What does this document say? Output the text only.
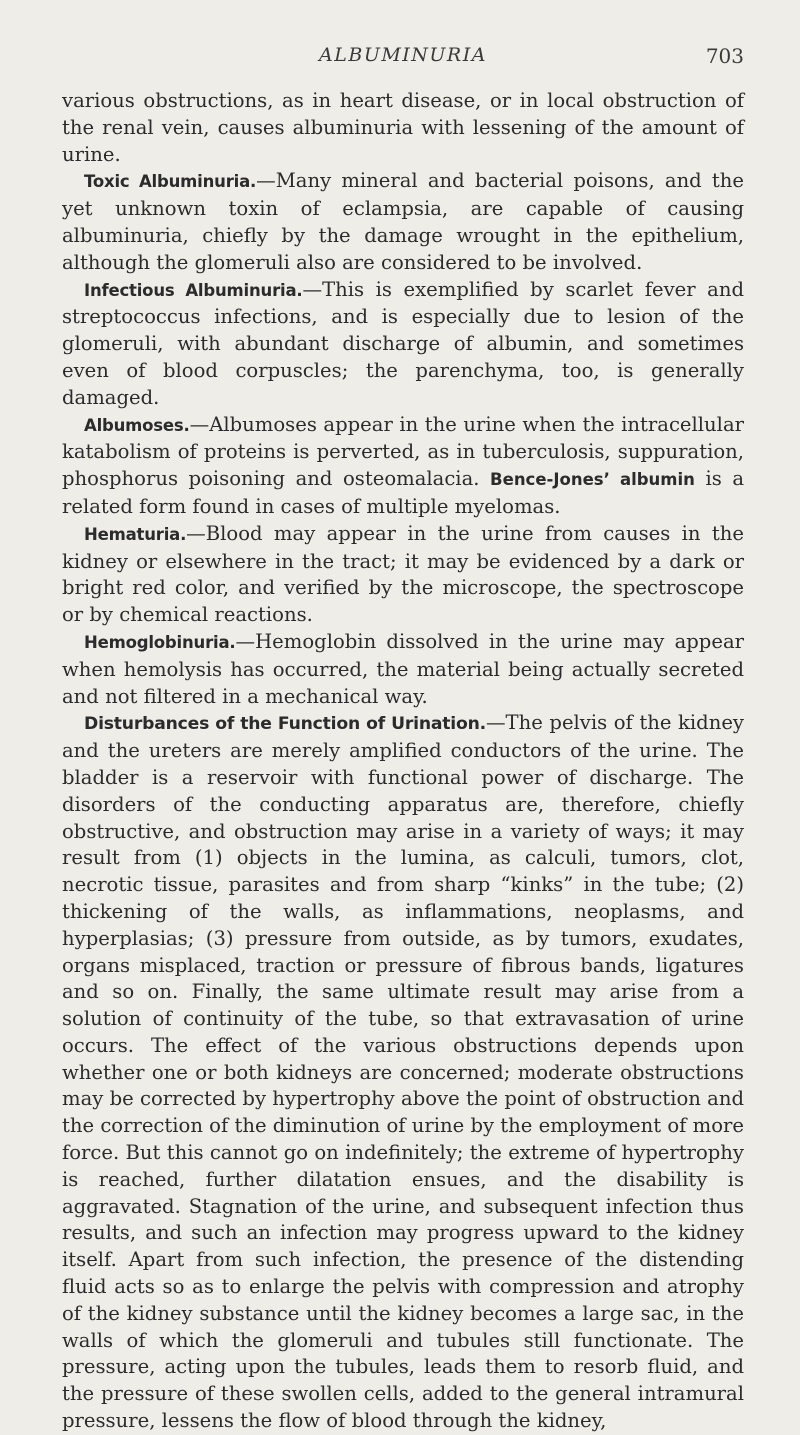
ALBUMINURIA	703

various obstructions, as in heart disease, or in local obstruction of the renal vein, causes albuminuria with lessening of the amount of urine.

Toxic Albuminuria.—Many mineral and bacterial poisons, and the yet unknown toxin of eclampsia, are capable of causing albuminuria, chiefly by the damage wrought in the epithelium, although the glomeruli also are considered to be involved.

Infectious Albuminuria.—This is exemplified by scarlet fever and streptococcus infections, and is especially due to lesion of the glomeruli, with abundant discharge of albumin, and sometimes even of blood corpuscles; the parenchyma, too, is generally damaged.

Albumoses.—Albumoses appear in the urine when the intracellular katabolism of proteins is perverted, as in tuberculosis, suppuration, phosphorus poisoning and osteomalacia. Bence-Jones’ albumin is a related form found in cases of multiple myelomas.

Hematuria.—Blood may appear in the urine from causes in the kidney or elsewhere in the tract; it may be evidenced by a dark or bright red color, and verified by the microscope, the spectroscope or by chemical reactions.

Hemoglobinuria.—Hemoglobin dissolved in the urine may appear when hemolysis has occurred, the material being actually secreted and not filtered in a mechanical way.

Disturbances of the Function of Urination.—The pelvis of the kidney and the ureters are merely amplified conductors of the urine. The bladder is a reservoir with functional power of discharge. The disorders of the conducting apparatus are, therefore, chiefly obstructive, and obstruction may arise in a variety of ways; it may result from (1) objects in the lumina, as calculi, tumors, clot, necrotic tissue, parasites and from sharp “kinks” in the tube; (2) thickening of the walls, as inflammations, neoplasms, and hyperplasias; (3) pressure from outside, as by tumors, exudates, organs misplaced, traction or pressure of fibrous bands, ligatures and so on. Finally, the same ultimate result may arise from a solution of continuity of the tube, so that extravasation of urine occurs. The effect of the various obstructions depends upon whether one or both kidneys are concerned; moderate obstructions may be corrected by hypertrophy above the point of obstruction and the correction of the diminution of urine by the employment of more force. But this cannot go on indefinitely; the extreme of hypertrophy is reached, further dilatation ensues, and the disability is aggravated. Stagnation of the urine, and subsequent infection thus results, and such an infection may progress upward to the kidney itself. Apart from such infection, the presence of the distending fluid acts so as to enlarge the pelvis with compression and atrophy of the kidney substance until the kidney becomes a large sac, in the walls of which the glomeruli and tubules still functionate. The pressure, acting upon the tubules, leads them to resorb fluid, and the pressure of these swollen cells, added to the general intramural pressure, lessens the flow of blood through the kidney,
